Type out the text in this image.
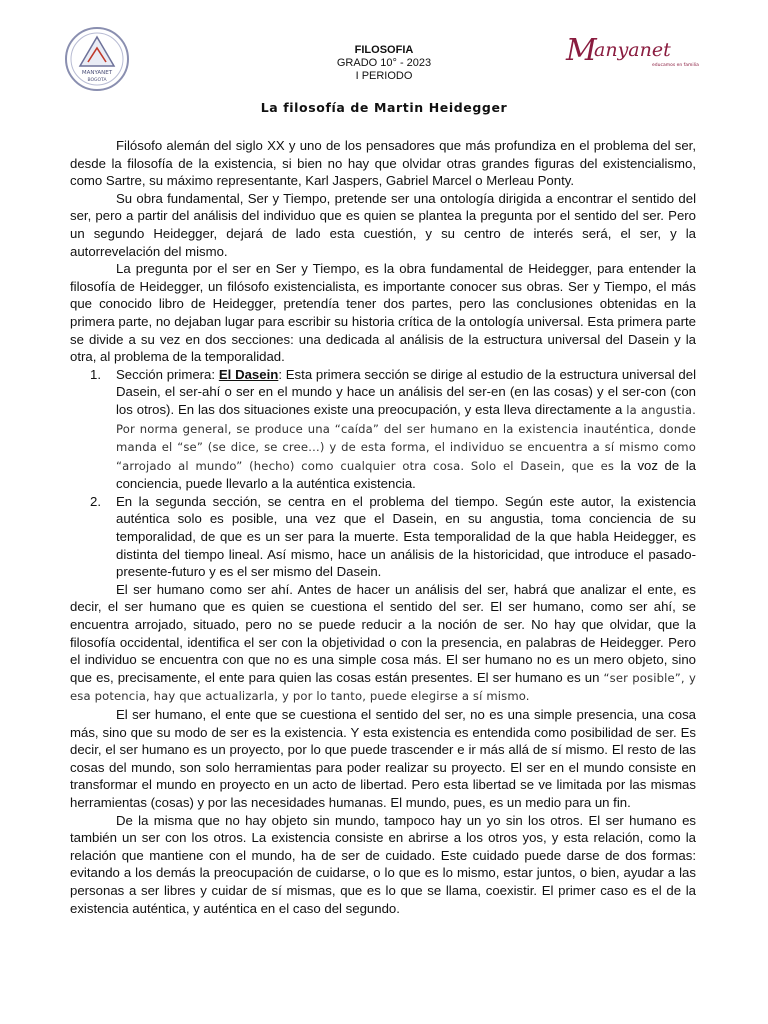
MANYANET
BOGOTA
FILOSOFIA
GRADO 10° - 2023
I PERIODO
M
anyanet
educamos en familia
La filosofía de Martin Heidegger

Filósofo alemán del siglo XX y uno de los pensadores que más profundiza en el problema del ser, desde la filosofía de la existencia, si bien no hay que olvidar otras grandes figuras del existencialismo, como Sartre, su máximo representante, Karl Jaspers, Gabriel Marcel o Merleau Ponty.

Su obra fundamental, Ser y Tiempo, pretende ser una ontología dirigida a encontrar el sentido del ser, pero a partir del análisis del individuo que es quien se plantea la pregunta por el sentido del ser. Pero un segundo Heidegger, dejará de lado esta cuestión, y su centro de interés será, el ser, y la autorrevelación del mismo.

La pregunta por el ser en Ser y Tiempo, es la obra fundamental de Heidegger, para entender la filosofía de Heidegger, un filósofo existencialista, es importante conocer sus obras. Ser y Tiempo, el más que conocido libro de Heidegger, pretendía tener dos partes, pero las conclusiones obtenidas en la primera parte, no dejaban lugar para escribir su historia crítica de la ontología universal. Esta primera parte se divide a su vez en dos secciones: una dedicada al análisis de la estructura universal del Dasein y la otra, al problema de la temporalidad.

1. Sección primera: El Dasein: Esta primera sección se dirige al estudio de la estructura universal del Dasein, el ser-ahí o ser en el mundo y hace un análisis del ser-en (en las cosas) y el ser-con (con los otros). En las dos situaciones existe una preocupación, y esta lleva directamente a la angustia. Por norma general, se produce una “caída” del ser humano en la existencia inauténtica, donde manda el “se” (se dice, se cree…) y de esta forma, el individuo se encuentra a sí mismo como “arrojado al mundo” (hecho) como cualquier otra cosa. Solo el Dasein, que es la voz de la conciencia, puede llevarlo a la auténtica existencia.
2. En la segunda sección, se centra en el problema del tiempo. Según este autor, la existencia auténtica solo es posible, una vez que el Dasein, en su angustia, toma conciencia de su temporalidad, de que es un ser para la muerte. Esta temporalidad de la que habla Heidegger, es distinta del tiempo lineal. Así mismo, hace un análisis de la historicidad, que introduce el pasado-presente-futuro y es el ser mismo del Dasein.

El ser humano como ser ahí. Antes de hacer un análisis del ser, habrá que analizar el ente, es decir, el ser humano que es quien se cuestiona el sentido del ser. El ser humano, como ser ahí, se encuentra arrojado, situado, pero no se puede reducir a la noción de ser. No hay que olvidar, que la filosofía occidental, identifica el ser con la objetividad o con la presencia, en palabras de Heidegger. Pero el individuo se encuentra con que no es una simple cosa más. El ser humano no es un mero objeto, sino que es, precisamente, el ente para quien las cosas están presentes. El ser humano es un “ser posible”, y esa potencia, hay que actualizarla, y por lo tanto, puede elegirse a sí mismo.

El ser humano, el ente que se cuestiona el sentido del ser, no es una simple presencia, una cosa más, sino que su modo de ser es la existencia. Y esta existencia es entendida como posibilidad de ser. Es decir, el ser humano es un proyecto, por lo que puede trascender e ir más allá de sí mismo. El resto de las cosas del mundo, son solo herramientas para poder realizar su proyecto. El ser en el mundo consiste en transformar el mundo en proyecto en un acto de libertad. Pero esta libertad se ve limitada por las mismas herramientas (cosas) y por las necesidades humanas. El mundo, pues, es un medio para un fin.

De la misma que no hay objeto sin mundo, tampoco hay un yo sin los otros. El ser humano es también un ser con los otros. La existencia consiste en abrirse a los otros yos, y esta relación, como la relación que mantiene con el mundo, ha de ser de cuidado. Este cuidado puede darse de dos formas: evitando a los demás la preocupación de cuidarse, o lo que es lo mismo, estar juntos, o bien, ayudar a las personas a ser libres y cuidar de sí mismas, que es lo que se llama, coexistir. El primer caso es el de la existencia auténtica, y auténtica en el caso del segundo.
